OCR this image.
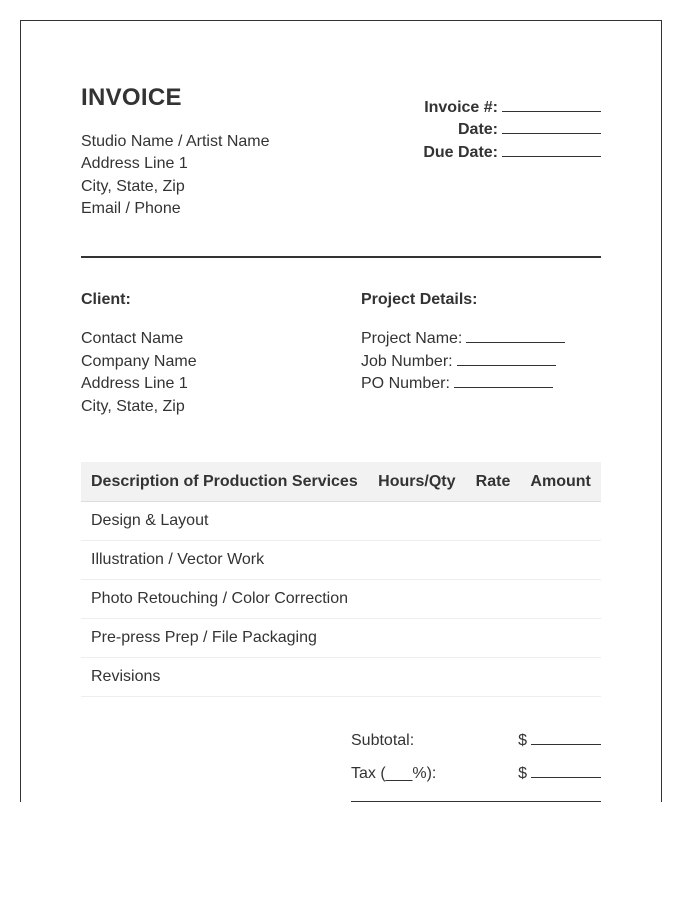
INVOICE
Studio Name / Artist Name
Address Line 1
City, State, Zip
Email / Phone
Invoice #:
Date:
Due Date:
Client:
Contact Name
Company Name
Address Line 1
City, State, Zip
Project Details:
Project Name:
Job Number:
PO Number:
Description of Production Services	Hours/Qty	Rate	Amount
Design & Layout			
Illustration / Vector Work			
Photo Retouching / Color Correction			
Pre-press Prep / File Packaging			
Revisions			
Subtotal:	$
Tax (___%):	$
